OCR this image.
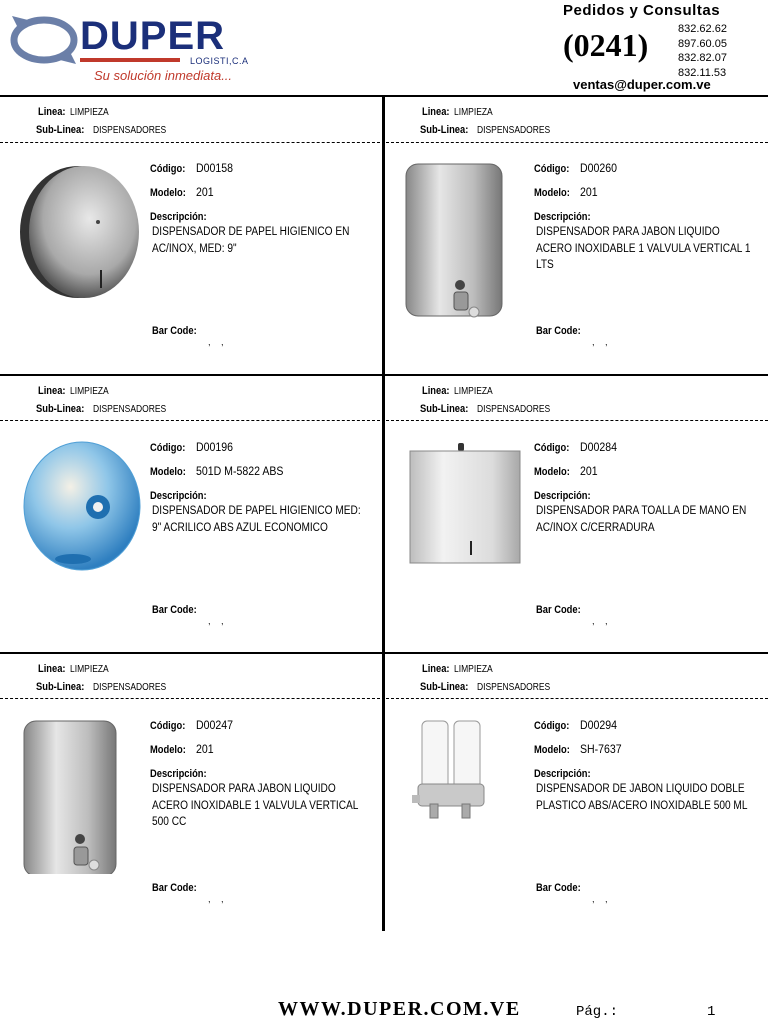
DUPER
LOGISTI,C.A
Su solución inmediata...
Pedidos y Consultas
(0241)	832.62.62
897.60.05
832.82.07
832.11.53
ventas@duper.com.ve
Linea: LIMPIEZA
Sub-Linea: DISPENSADORES
Código: D00158
Modelo: 201
Descripción:
DISPENSADOR DE PAPEL HIGIENICO EN AC/INOX, MED: 9"
Bar Code:
, ,
Linea: LIMPIEZA
Sub-Linea: DISPENSADORES
Código: D00260
Modelo: 201
Descripción:
DISPENSADOR PARA JABON LIQUIDO ACERO INOXIDABLE 1 VALVULA VERTICAL 1 LTS
Bar Code:
, ,
Linea: LIMPIEZA
Sub-Linea: DISPENSADORES
Código: D00196
Modelo: 501D M-5822 ABS
Descripción:
DISPENSADOR DE PAPEL HIGIENICO MED: 9" ACRILICO ABS AZUL ECONOMICO
Bar Code:
, ,
Linea: LIMPIEZA
Sub-Linea: DISPENSADORES
Código: D00284
Modelo: 201
Descripción:
DISPENSADOR PARA TOALLA DE MANO EN AC/INOX C/CERRADURA
Bar Code:
, ,
Linea: LIMPIEZA
Sub-Linea: DISPENSADORES
Código: D00247
Modelo: 201
Descripción:
DISPENSADOR PARA JABON LIQUIDO ACERO INOXIDABLE 1 VALVULA VERTICAL 500 CC
Bar Code:
, ,
Linea: LIMPIEZA
Sub-Linea: DISPENSADORES
Código: D00294
Modelo: SH-7637
Descripción:
DISPENSADOR DE JABON LIQUIDO DOBLE PLASTICO ABS/ACERO INOXIDABLE 500 ML
Bar Code:
, ,
WWW.DUPER.COM.VE	Pág.:	1
